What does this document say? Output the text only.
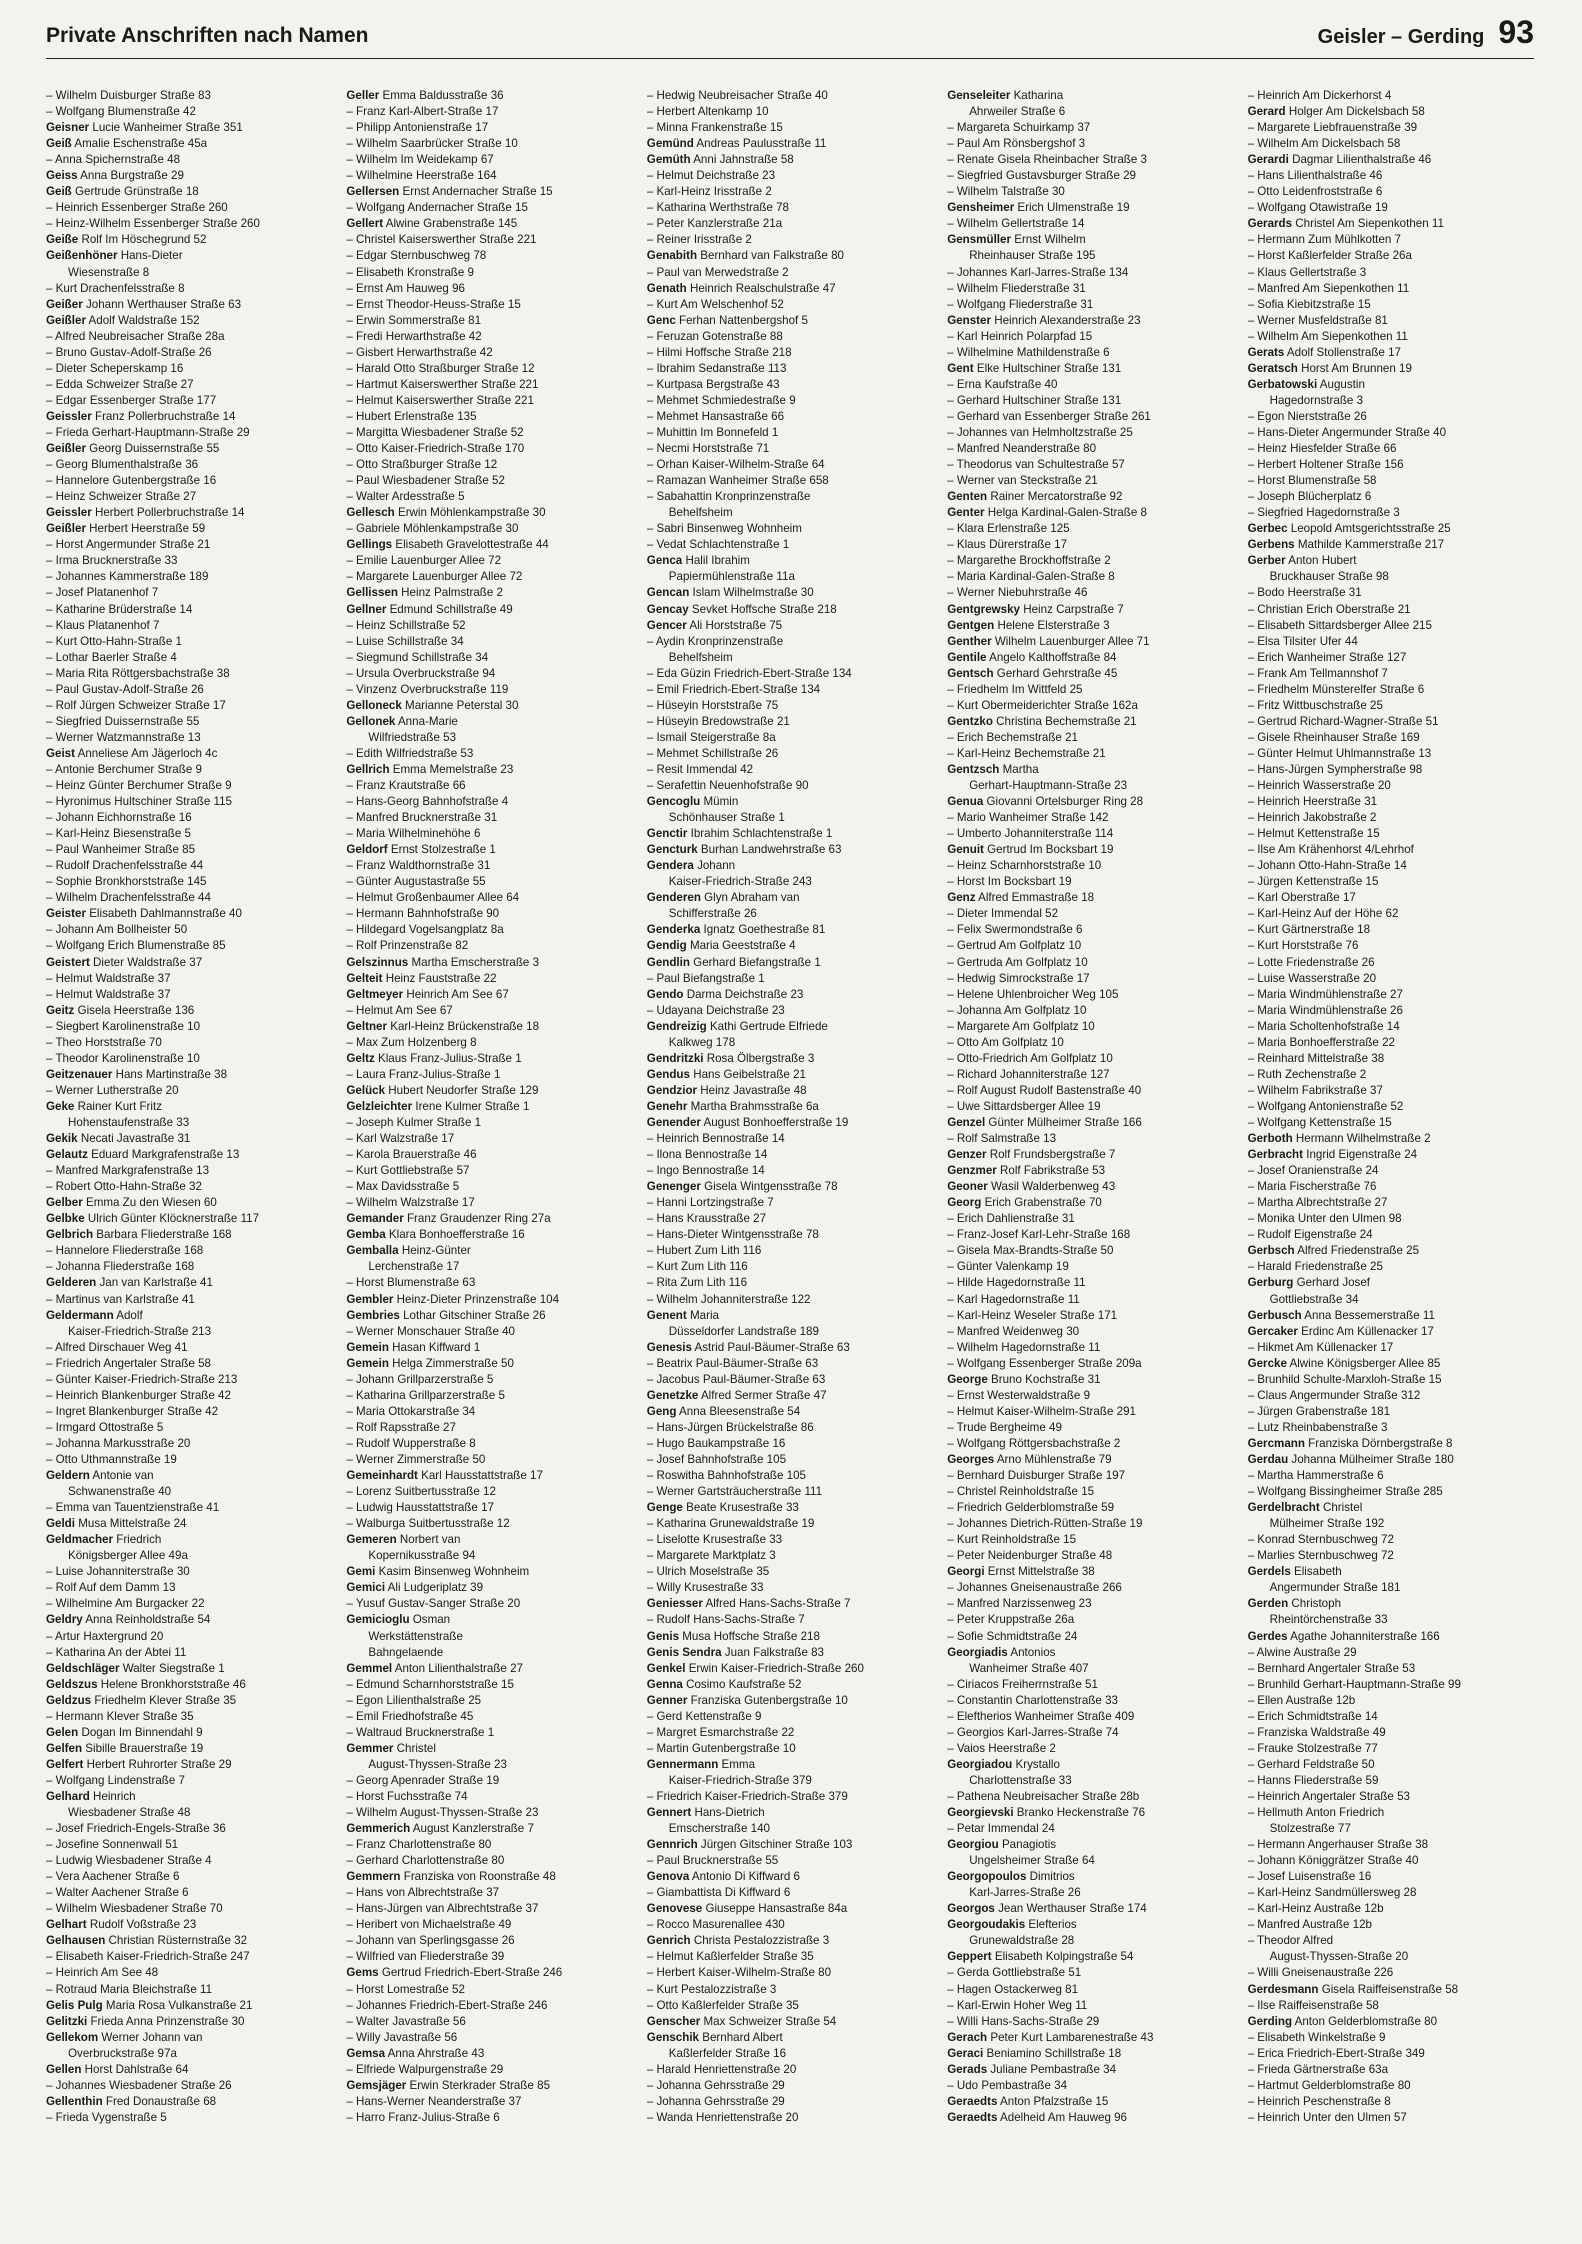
Private Anschriften nach Namen	Geisler – Gerding 93
– Wilhelm Duisburger Straße 83
– Wolfgang Blumenstraße 42
Geisner Lucie Wanheimer Straße 351
Geiß Amalie Eschenstraße 45a
– Anna Spichernstraße 48
Geiss Anna Burgstraße 29
Geiß Gertrude Grünstraße 18
– Heinrich Essenberger Straße 260
– Heinz-Wilhelm Essenberger Straße 260
Geiße Rolf Im Höschegrund 52
Geißenhöner Hans-Dieter
Wiesenstraße 8
– Kurt Drachenfelsstraße 8
Geißer Johann Werthauser Straße 63
Geißler Adolf Waldstraße 152
– Alfred Neubreisacher Straße 28a
– Bruno Gustav-Adolf-Straße 26
– Dieter Scheperskamp 16
– Edda Schweizer Straße 27
– Edgar Essenberger Straße 177
Geissler Franz Pollerbruchstraße 14
– Frieda Gerhart-Hauptmann-Straße 29
Geißler Georg Duissernstraße 55
– Georg Blumenthalstraße 36
– Hannelore Gutenbergstraße 16
– Heinz Schweizer Straße 27
Geissler Herbert Pollerbruchstraße 14
Geißler Herbert Heerstraße 59
– Horst Angermunder Straße 21
– Irma Brucknerstraße 33
– Johannes Kammerstraße 189
– Josef Platanenhof 7
– Katharine Brüderstraße 14
– Klaus Platanenhof 7
– Kurt Otto-Hahn-Straße 1
– Lothar Baerler Straße 4
– Maria Rita Röttgersbachstraße 38
– Paul Gustav-Adolf-Straße 26
– Rolf Jürgen Schweizer Straße 17
– Siegfried Duissernstraße 55
– Werner Watzmannstraße 13
Geist Anneliese Am Jägerloch 4c
– Antonie Berchumer Straße 9
– Heinz Günter Berchumer Straße 9
– Hyronimus Hultschiner Straße 115
– Johann Eichhornstraße 16
– Karl-Heinz Biesenstraße 5
– Paul Wanheimer Straße 85
– Rudolf Drachenfelsstraße 44
– Sophie Bronkhorststraße 145
– Wilhelm Drachenfelsstraße 44
Geister Elisabeth Dahlmannstraße 40
– Johann Am Bollheister 50
– Wolfgang Erich Blumenstraße 85
Geistert Dieter Waldstraße 37
– Helmut Waldstraße 37
– Helmut Waldstraße 37
Geitz Gisela Heerstraße 136
– Siegbert Karolinenstraße 10
– Theo Horststraße 70
– Theodor Karolinenstraße 10
Geitzenauer Hans Martinstraße 38
– Werner Lutherstraße 20
Geke Rainer Kurt Fritz
Hohenstaufenstraße 33
Gekik Necati Javastraße 31
Gelautz Eduard Markgrafenstraße 13
– Manfred Markgrafenstraße 13
– Robert Otto-Hahn-Straße 32
Gelber Emma Zu den Wiesen 60
Gelbke Ulrich Günter Klöcknerstraße 117
Gelbrich Barbara Fliederstraße 168
– Hannelore Fliederstraße 168
– Johanna Fliederstraße 168
Gelderen Jan van Karlstraße 41
– Martinus van Karlstraße 41
Geldermann Adolf
Kaiser-Friedrich-Straße 213
– Alfred Dirschauer Weg 41
– Friedrich Angertaler Straße 58
– Günter Kaiser-Friedrich-Straße 213
– Heinrich Blankenburger Straße 42
– Ingret Blankenburger Straße 42
– Irmgard Ottostraße 5
– Johanna Markusstraße 20
– Otto Uthmannstraße 19
Geldern Antonie van
Schwanenstraße 40
– Emma van Tauentzienstraße 41
Geldi Musa Mittelstraße 24
Geldmacher Friedrich
Königsberger Allee 49a
– Luise Johanniterstraße 30
– Rolf Auf dem Damm 13
– Wilhelmine Am Burgacker 22
Geldry Anna Reinholdstraße 54
– Artur Haxtergrund 20
– Katharina An der Abtei 11
Geldschläger Walter Siegstraße 1
Geldszus Helene Bronkhorststraße 46
Geldzus Friedhelm Klever Straße 35
– Hermann Klever Straße 35
Gelen Dogan Im Binnendahl 9
Gelfen Sibille Brauerstraße 19
Gelfert Herbert Ruhrorter Straße 29
– Wolfgang Lindenstraße 7
Gelhard Heinrich
Wiesbadener Straße 48
– Josef Friedrich-Engels-Straße 36
– Josefine Sonnenwall 51
– Ludwig Wiesbadener Straße 4
– Vera Aachener Straße 6
– Walter Aachener Straße 6
– Wilhelm Wiesbadener Straße 70
Gelhart Rudolf Voßstraße 23
Gelhausen Christian Rüsternstraße 32
– Elisabeth Kaiser-Friedrich-Straße 247
– Heinrich Am See 48
– Rotraud Maria Bleichstraße 11
Gelis Pulg Maria Rosa Vulkanstraße 21
Gelitzki Frieda Anna Prinzenstraße 30
Gellekom Werner Johann van
Overbruckstraße 97a
Gellen Horst Dahlstraße 64
– Johannes Wiesbadener Straße 26
Gellenthin Fred Donaustraße 68
– Frieda Vygenstraße 5
Geller Emma Baldusstraße 36
– Franz Karl-Albert-Straße 17
– Philipp Antonienstraße 17
– Wilhelm Saarbrücker Straße 10
– Wilhelm Im Weidekamp 67
– Wilhelmine Heerstraße 164
Gellersen Ernst Andernacher Straße 15
– Wolfgang Andernacher Straße 15
Gellert Alwine Grabenstraße 145
– Christel Kaiserswerther Straße 221
– Edgar Sternbuschweg 78
– Elisabeth Kronstraße 9
– Ernst Am Hauweg 96
– Ernst Theodor-Heuss-Straße 15
– Erwin Sommerstraße 81
– Fredi Herwarthstraße 42
– Gisbert Herwarthstraße 42
– Harald Otto Straßburger Straße 12
– Hartmut Kaiserswerther Straße 221
– Helmut Kaiserswerther Straße 221
– Hubert Erlenstraße 135
– Margitta Wiesbadener Straße 52
– Otto Kaiser-Friedrich-Straße 170
– Otto Straßburger Straße 12
– Paul Wiesbadener Straße 52
– Walter Ardesstraße 5
Gellesch Erwin Möhlenkampstraße 30
– Gabriele Möhlenkampstraße 30
Gellings Elisabeth Gravelottestraße 44
– Emilie Lauenburger Allee 72
– Margarete Lauenburger Allee 72
Gellissen Heinz Palmstraße 2
Gellner Edmund Schillstraße 49
– Heinz Schillstraße 52
– Luise Schillstraße 34
– Siegmund Schillstraße 34
– Ursula Overbruckstraße 94
– Vinzenz Overbruckstraße 119
Gelloneck Marianne Peterstal 30
Gellonek Anna-Marie
Wilfriedstraße 53
– Edith Wilfriedstraße 53
Gellrich Emma Memelstraße 23
– Franz Krautstraße 66
– Hans-Georg Bahnhofstraße 4
– Manfred Brucknerstraße 31
– Maria Wilhelminehöhe 6
Geldorf Ernst Stolzestraße 1
– Franz Waldthornstraße 31
– Günter Augustastraße 55
– Helmut Großenbaumer Allee 64
– Hermann Bahnhofstraße 90
– Hildegard Vogelsangplatz 8a
– Rolf Prinzenstraße 82
Gelszinnus Martha Emscherstraße 3
Gelteit Heinz Fauststraße 22
Geltmeyer Heinrich Am See 67
– Helmut Am See 67
Geltner Karl-Heinz Brückenstraße 18
– Max Zum Holzenberg 8
Geltz Klaus Franz-Julius-Straße 1
– Laura Franz-Julius-Straße 1
Gelück Hubert Neudorfer Straße 129
Gelzleichter Irene Kulmer Straße 1
– Joseph Kulmer Straße 1
– Karl Walzstraße 17
– Karola Brauerstraße 46
– Kurt Gottliebstraße 57
– Max Davidsstraße 5
– Wilhelm Walzstraße 17
Gemander Franz Graudenzer Ring 27a
Gemba Klara Bonhoefferstraße 16
Gemballa Heinz-Günter
Lerchenstraße 17
– Horst Blumenstraße 63
Gembler Heinz-Dieter Prinzenstraße 104
Gembries Lothar Gitschiner Straße 26
– Werner Monschauer Straße 40
Gemein Hasan Kiffward 1
Gemein Helga Zimmerstraße 50
– Johann Grillparzerstraße 5
– Katharina Grillparzerstraße 5
– Maria Ottokarstraße 34
– Rolf Rapsstraße 27
– Rudolf Wupperstraße 8
– Werner Zimmerstraße 50
Gemeinhardt Karl Hausstattstraße 17
– Lorenz Suitbertusstraße 12
– Ludwig Hausstattstraße 17
– Walburga Suitbertusstraße 12
Gemeren Norbert van
Kopernikusstraße 94
Gemi Kasim Binsenweg Wohnheim
Gemici Ali Ludgeriplatz 39
– Yusuf Gustav-Sanger Straße 20
Gemicioglu Osman
Werkstättenstraße
Bahngelaende
Gemmel Anton Lilienthalstraße 27
– Edmund Scharnhorststraße 15
– Egon Lilienthalstraße 25
– Emil Friedhofstraße 45
– Waltraud Brucknerstraße 1
Gemmer Christel
August-Thyssen-Straße 23
– Georg Apenrader Straße 19
– Horst Fuchsstraße 74
– Wilhelm August-Thyssen-Straße 23
Gemmerich August Kanzlerstraße 7
– Franz Charlottenstraße 80
– Gerhard Charlottenstraße 80
Gemmern Franziska von Roonstraße 48
– Hans von Albrechtstraße 37
– Hans-Jürgen van Albrechtstraße 37
– Heribert von Michaelstraße 49
– Johann van Sperlingsgasse 26
– Wilfried van Fliederstraße 39
Gems Gertrud Friedrich-Ebert-Straße 246
– Horst Lomestraße 52
– Johannes Friedrich-Ebert-Straße 246
– Walter Javastraße 56
– Willy Javastraße 56
Gemsa Anna Ahrstraße 43
– Elfriede Walpurgenstraße 29
Gemsjäger Erwin Sterkrader Straße 85
– Hans-Werner Neanderstraße 37
– Harro Franz-Julius-Straße 6
– Hedwig Neubreisacher Straße 40
– Herbert Altenkamp 10
– Minna Frankenstraße 15
Gemünd Andreas Paulusstraße 11
Gemüth Anni Jahnstraße 58
– Helmut Deichstraße 23
– Karl-Heinz Irisstraße 2
– Katharina Werthstraße 78
– Peter Kanzlerstraße 21a
– Reiner Irisstraße 2
Genabith Bernhard van Falkstraße 80
– Paul van Merwedstraße 2
Genath Heinrich Realschulstraße 47
– Kurt Am Welschenhof 52
Genc Ferhan Nattenbergshof 5
– Feruzan Gotenstraße 88
– Hilmi Hoffsche Straße 218
– Ibrahim Sedanstraße 113
– Kurtpasa Bergstraße 43
– Mehmet Schmiedestraße 9
– Mehmet Hansastraße 66
– Muhittin Im Bonnefeld 1
– Necmi Horststraße 71
– Orhan Kaiser-Wilhelm-Straße 64
– Ramazan Wanheimer Straße 658
– Sabahattin Kronprinzenstraße
Behelfsheim
– Sabri Binsenweg Wohnheim
– Vedat Schlachtenstraße 1
Genca Halil Ibrahim
Papiermühlenstraße 11a
Gencan Islam Wilhelmstraße 30
Gencay Sevket Hoffsche Straße 218
Gencer Ali Horststraße 75
– Aydin Kronprinzenstraße
Behelfsheim
– Eda Güzin Friedrich-Ebert-Straße 134
– Emil Friedrich-Ebert-Straße 134
– Hüseyin Horststraße 75
– Hüseyin Bredowstraße 21
– Ismail Steigerstraße 8a
– Mehmet Schillstraße 26
– Resit Immendal 42
– Serafettin Neuenhofstraße 90
Gencoglu Mümin
Schönhauser Straße 1
Genctir Ibrahim Schlachtenstraße 1
Gencturk Burhan Landwehrstraße 63
Gendera Johann
Kaiser-Friedrich-Straße 243
Genderen Glyn Abraham van
Schifferstraße 26
Genderka Ignatz Goethestraße 81
Gendig Maria Geeststraße 4
Gendlin Gerhard Biefangstraße 1
– Paul Biefangstraße 1
Gendo Darma Deichstraße 23
– Udayana Deichstraße 23
Gendreizig Kathi Gertrude Elfriede
Kalkweg 178
Gendritzki Rosa Ölbergstraße 3
Gendus Hans Geibelstraße 21
Gendzior Heinz Javastraße 48
Genehr Martha Brahmsstraße 6a
Genender August Bonhoefferstraße 19
– Heinrich Bennostraße 14
– Ilona Bennostraße 14
– Ingo Bennostraße 14
Genenger Gisela Wintgensstraße 78
– Hanni Lortzingstraße 7
– Hans Krausstraße 27
– Hans-Dieter Wintgensstraße 78
– Hubert Zum Lith 116
– Kurt Zum Lith 116
– Rita Zum Lith 116
– Wilhelm Johanniterstraße 122
Genent Maria
Düsseldorfer Landstraße 189
Genesis Astrid Paul-Bäumer-Straße 63
– Beatrix Paul-Bäumer-Straße 63
– Jacobus Paul-Bäumer-Straße 63
Genetzke Alfred Sermer Straße 47
Geng Anna Bleesenstraße 54
– Hans-Jürgen Brückelstraße 86
– Hugo Baukampstraße 16
– Josef Bahnhofstraße 105
– Roswitha Bahnhofstraße 105
– Werner Gartsträucherstraße 111
Genge Beate Krusestraße 33
– Katharina Grunewaldstraße 19
– Liselotte Krusestraße 33
– Margarete Marktplatz 3
– Ulrich Moselstraße 35
– Willy Krusestraße 33
Geniesser Alfred Hans-Sachs-Straße 7
– Rudolf Hans-Sachs-Straße 7
Genis Musa Hoffsche Straße 218
Genis Sendra Juan Falkstraße 83
Genkel Erwin Kaiser-Friedrich-Straße 260
Genna Cosimo Kaufstraße 52
Genner Franziska Gutenbergstraße 10
– Gerd Kettenstraße 9
– Margret Esmarchstraße 22
– Martin Gutenbergstraße 10
Gennermann Emma
Kaiser-Friedrich-Straße 379
– Friedrich Kaiser-Friedrich-Straße 379
Gennert Hans-Dietrich
Emscherstraße 140
Gennrich Jürgen Gitschiner Straße 103
– Paul Brucknerstraße 55
Genova Antonio Di Kiffward 6
– Giambattista Di Kiffward 6
Genovese Giuseppe Hansastraße 84a
– Rocco Masurenallee 430
Genrich Christa Pestalozzistraße 3
– Helmut Kaßlerfelder Straße 35
– Herbert Kaiser-Wilhelm-Straße 80
– Kurt Pestalozzistraße 3
– Otto Kaßlerfelder Straße 35
Genscher Max Schweizer Straße 54
Genschik Bernhard Albert
Kaßlerfelder Straße 16
– Harald Henriettenstraße 20
– Johanna Gehrsstraße 29
– Johanna Gehrsstraße 29
– Wanda Henriettenstraße 20
Genseleiter Katharina
Ahrweiler Straße 6
– Margareta Schuirkamp 37
– Paul Am Rönsbergshof 3
– Renate Gisela Rheinbacher Straße 3
– Siegfried Gustavsburger Straße 29
– Wilhelm Talstraße 30
Gensheimer Erich Ulmenstraße 19
– Wilhelm Gellertstraße 14
Gensmüller Ernst Wilhelm
Rheinhauser Straße 195
– Johannes Karl-Jarres-Straße 134
– Wilhelm Fliederstraße 31
– Wolfgang Fliederstraße 31
Genster Heinrich Alexanderstraße 23
– Karl Heinrich Polarpfad 15
– Wilhelmine Mathildenstraße 6
Gent Elke Hultschiner Straße 131
– Erna Kaufstraße 40
– Gerhard Hultschiner Straße 131
– Gerhard van Essenberger Straße 261
– Johannes van Helmholtzstraße 25
– Manfred Neanderstraße 80
– Theodorus van Schultestraße 57
– Werner van Steckstraße 21
Genten Rainer Mercatorstraße 92
Genter Helga Kardinal-Galen-Straße 8
– Klara Erlenstraße 125
– Klaus Dürerstraße 17
– Margarethe Brockhoffstraße 2
– Maria Kardinal-Galen-Straße 8
– Werner Niebuhrstraße 46
Gentgrewsky Heinz Carpstraße 7
Gentgen Helene Elsterstraße 3
Genther Wilhelm Lauenburger Allee 71
Gentile Angelo Kalthoffstraße 84
Gentsch Gerhard Gehrstraße 45
– Friedhelm Im Wittfeld 25
– Kurt Obermeiderichter Straße 162a
Gentzko Christina Bechemstraße 21
– Erich Bechemstraße 21
– Karl-Heinz Bechemstraße 21
Gentzsch Martha
Gerhart-Hauptmann-Straße 23
Genua Giovanni Ortelsburger Ring 28
– Mario Wanheimer Straße 142
– Umberto Johanniterstraße 114
Genuit Gertrud Im Bocksbart 19
– Heinz Scharnhorststraße 10
– Horst Im Bocksbart 19
Genz Alfred Emmastraße 18
– Dieter Immendal 52
– Felix Swermondstraße 6
– Gertrud Am Golfplatz 10
– Gertruda Am Golfplatz 10
– Hedwig Simrockstraße 17
– Helene Uhlenbroicher Weg 105
– Johanna Am Golfplatz 10
– Margarete Am Golfplatz 10
– Otto Am Golfplatz 10
– Otto-Friedrich Am Golfplatz 10
– Richard Johanniterstraße 127
– Rolf August Rudolf Bastenstraße 40
– Uwe Sittardsberger Allee 19
Genzel Günter Mülheimer Straße 166
– Rolf Salmstraße 13
Genzer Rolf Frundsbergstraße 7
Genzmer Rolf Fabrikstraße 53
Geoner Wasil Walderbenweg 43
Georg Erich Grabenstraße 70
– Erich Dahlienstraße 31
– Franz-Josef Karl-Lehr-Straße 168
– Gisela Max-Brandts-Straße 50
– Günter Valenkamp 19
– Hilde Hagedornstraße 11
– Karl Hagedornstraße 11
– Karl-Heinz Weseler Straße 171
– Manfred Weidenweg 30
– Wilhelm Hagedornstraße 11
– Wolfgang Essenberger Straße 209a
George Bruno Kochstraße 31
– Ernst Westerwaldstraße 9
– Helmut Kaiser-Wilhelm-Straße 291
– Trude Bergheime 49
– Wolfgang Röttgersbachstraße 2
Georges Arno Mühlenstraße 79
– Bernhard Duisburger Straße 197
– Christel Reinholdstraße 15
– Friedrich Gelderblomstraße 59
– Johannes Dietrich-Rütten-Straße 19
– Kurt Reinholdstraße 15
– Peter Neidenburger Straße 48
Georgi Ernst Mittelstraße 38
– Johannes Gneisenaustraße 266
– Manfred Narzissenweg 23
– Peter Kruppstraße 26a
– Sofie Schmidtstraße 24
Georgiadis Antonios
Wanheimer Straße 407
– Ciriacos Freiherrnstraße 51
– Constantin Charlottenstraße 33
– Eleftherios Wanheimer Straße 409
– Georgios Karl-Jarres-Straße 74
– Vaios Heerstraße 2
Georgiadou Krystallo
Charlottenstraße 33
– Pathena Neubreisacher Straße 28b
Georgievski Branko Heckenstraße 76
– Petar Immendal 24
Georgiou Panagiotis
Ungelsheimer Straße 64
Georgopoulos Dimitrios
Karl-Jarres-Straße 26
Georgos Jean Werthauser Straße 174
Georgoudakis Elefterios
Grunewaldstraße 28
Geppert Elisabeth Kolpingstraße 54
– Gerda Gottliebstraße 51
– Hagen Ostackerweg 81
– Karl-Erwin Hoher Weg 11
– Willi Hans-Sachs-Straße 29
Gerach Peter Kurt Lambarenestraße 43
Geraci Beniamino Schillstraße 18
Gerads Juliane Pembastraße 34
– Udo Pembastraße 34
Geraedts Anton Pfalzstraße 15
Geraedts Adelheid Am Hauweg 96
– Heinrich Am Dickerhorst 4
Gerard Holger Am Dickelsbach 58
– Margarete Liebfrauenstraße 39
– Wilhelm Am Dickelsbach 58
Gerardi Dagmar Lilienthalstraße 46
– Hans Lilienthalstraße 46
– Otto Leidenfroststraße 6
– Wolfgang Otawistraße 19
Gerards Christel Am Siepenkothen 11
– Hermann Zum Mühlkotten 7
– Horst Kaßlerfelder Straße 26a
– Klaus Gellertstraße 3
– Manfred Am Siepenkothen 11
– Sofia Kiebitzstraße 15
– Werner Musfeldstraße 81
– Wilhelm Am Siepenkothen 11
Gerats Adolf Stollenstraße 17
Geratsch Horst Am Brunnen 19
Gerbatowski Augustin
Hagedornstraße 3
– Egon Nierststraße 26
– Hans-Dieter Angermunder Straße 40
– Heinz Hiesfelder Straße 66
– Herbert Holtener Straße 156
– Horst Blumenstraße 58
– Joseph Blücherplatz 6
– Siegfried Hagedornstraße 3
Gerbec Leopold Amtsgerichtsstraße 25
Gerbens Mathilde Kammerstraße 217
Gerber Anton Hubert
Bruckhauser Straße 98
– Bodo Heerstraße 31
– Christian Erich Oberstraße 21
– Elisabeth Sittardsberger Allee 215
– Elsa Tilsiter Ufer 44
– Erich Wanheimer Straße 127
– Frank Am Tellmannshof 7
– Friedhelm Münsterelfer Straße 6
– Fritz Wittbuschstraße 25
– Gertrud Richard-Wagner-Straße 51
– Gisele Rheinhauser Straße 169
– Günter Helmut Uhlmannstraße 13
– Hans-Jürgen Sympherstraße 98
– Heinrich Wasserstraße 20
– Heinrich Heerstraße 31
– Heinrich Jakobstraße 2
– Helmut Kettenstraße 15
– Ilse Am Krähenhorst 4/Lehrhof
– Johann Otto-Hahn-Straße 14
– Jürgen Kettenstraße 15
– Karl Oberstraße 17
– Karl-Heinz Auf der Höhe 62
– Kurt Gärtnerstraße 18
– Kurt Horststraße 76
– Lotte Friedenstraße 26
– Luise Wasserstraße 20
– Maria Windmühlenstraße 27
– Maria Windmühlenstraße 26
– Maria Scholtenhofstraße 14
– Maria Bonhoefferstraße 22
– Reinhard Mittelstraße 38
– Ruth Zechenstraße 2
– Wilhelm Fabrikstraße 37
– Wolfgang Antonienstraße 52
– Wolfgang Kettenstraße 15
Gerboth Hermann Wilhelmstraße 2
Gerbracht Ingrid Eigenstraße 24
– Josef Oranienstraße 24
– Maria Fischerstraße 76
– Martha Albrechtstraße 27
– Monika Unter den Ulmen 98
– Rudolf Eigenstraße 24
Gerbsch Alfred Friedenstraße 25
– Harald Friedenstraße 25
Gerburg Gerhard Josef
Gottliebstraße 34
Gerbusch Anna Bessemerstraße 11
Gercaker Erdinc Am Küllenacker 17
– Hikmet Am Küllenacker 17
Gercke Alwine Königsberger Allee 85
– Brunhild Schulte-Marxloh-Straße 15
– Claus Angermunder Straße 312
– Jürgen Grabenstraße 181
– Lutz Rheinbabenstraße 3
Gercmann Franziska Dörnbergstraße 8
Gerdau Johanna Mülheimer Straße 180
– Martha Hammerstraße 6
– Wolfgang Bissingheimer Straße 285
Gerdelbracht Christel
Mülheimer Straße 192
– Konrad Sternbuschweg 72
– Marlies Sternbuschweg 72
Gerdels Elisabeth
Angermunder Straße 181
Gerden Christoph
Rheintörchenstraße 33
Gerdes Agathe Johanniterstraße 166
– Alwine Austraße 29
– Bernhard Angertaler Straße 53
– Brunhild Gerhart-Hauptmann-Straße 99
– Ellen Austraße 12b
– Erich Schmidtstraße 14
– Franziska Waldstraße 49
– Frauke Stolzestraße 77
– Gerhard Feldstraße 50
– Hanns Fliederstraße 59
– Heinrich Angertaler Straße 53
– Hellmuth Anton Friedrich
Stolzestraße 77
– Hermann Angerhauser Straße 38
– Johann Königgrätzer Straße 40
– Josef Luisenstraße 16
– Karl-Heinz Sandmüllersweg 28
– Karl-Heinz Austraße 12b
– Manfred Austraße 12b
– Theodor Alfred
August-Thyssen-Straße 20
– Willi Gneisenaustraße 226
Gerdesmann Gisela Raiffeisenstraße 58
– Ilse Raiffeisenstraße 58
Gerding Anton Gelderblomstraße 80
– Elisabeth Winkelstraße 9
– Erica Friedrich-Ebert-Straße 349
– Frieda Gärtnerstraße 63a
– Hartmut Gelderblomstraße 80
– Heinrich Peschenstraße 8
– Heinrich Unter den Ulmen 57
